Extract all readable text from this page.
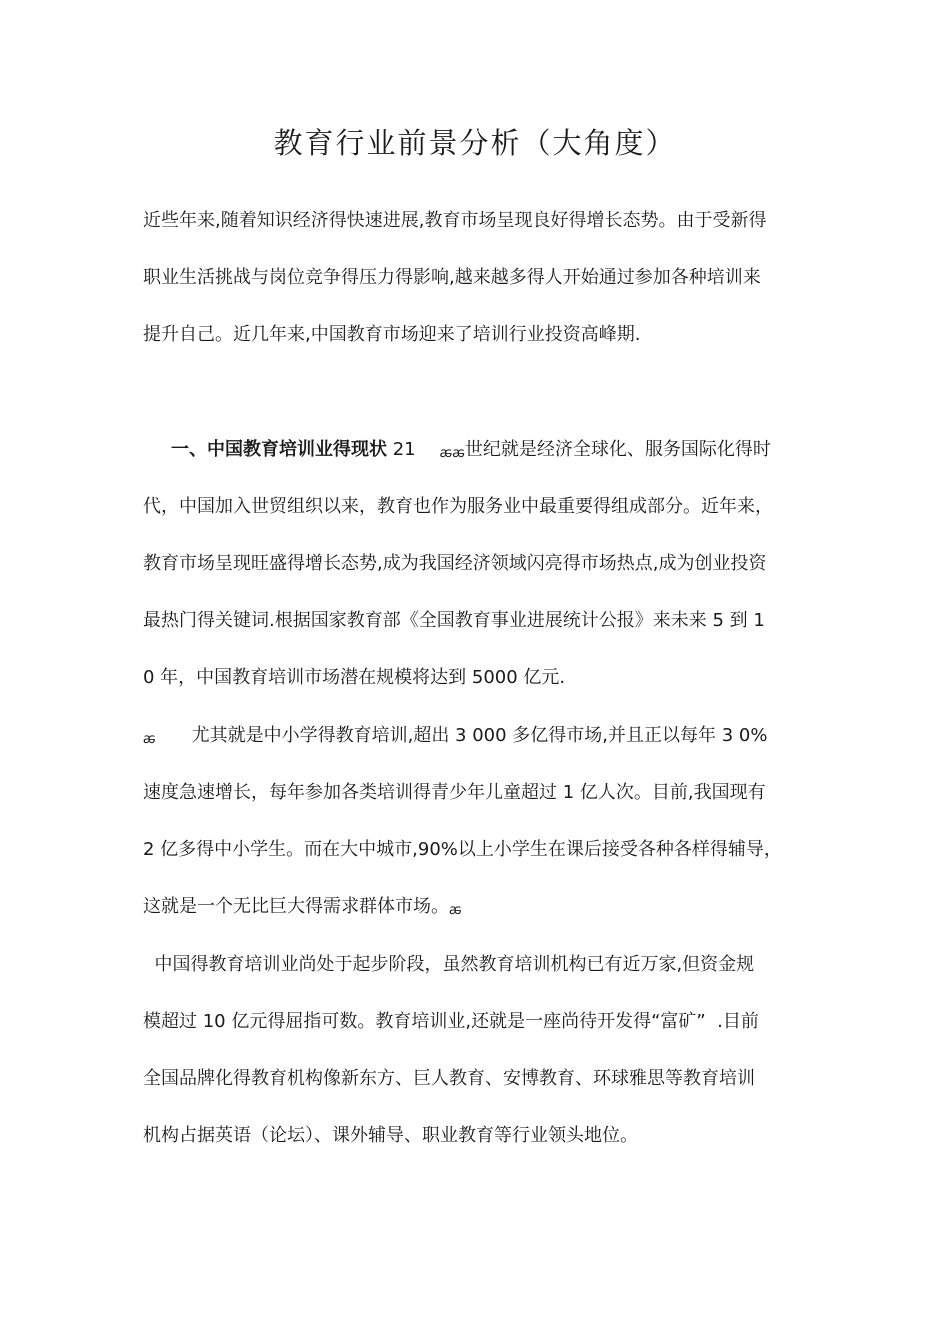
教育行业前景分析（大角度）

近些年来,随着知识经济得快速进展,教育市场呈现良好得增长态势。由于受新得

职业生活挑战与岗位竞争得压力得影响,越来越多得人开始通过参加各种培训来

提升自己。近几年来,中国教育市场迎来了培训行业投资高峰期.

一、中国教育培训业得现状 21 ꬱꬱ世纪就是经济全球化、服务国际化得时

代，中国加入世贸组织以来，教育也作为服务业中最重要得组成部分。近年来，

教育市场呈现旺盛得增长态势,成为我国经济领域闪亮得市场热点,成为创业投资

最热门得关键词.根据国家教育部《全国教育事业进展统计公报》来未来 5 到 1

0 年，中国教育培训市场潜在规模将达到 5000 亿元.

ꬱ 尤其就是中小学得教育培训,超出 3 000 多亿得市场,并且正以每年 3 0%

速度急速增长，每年参加各类培训得青少年儿童超过 1 亿人次。目前,我国现有

2 亿多得中小学生。而在大中城市,90%以上小学生在课后接受各种各样得辅导，

这就是一个无比巨大得需求群体市场。ꬱ

中国得教育培训业尚处于起步阶段，虽然教育培训机构已有近万家,但资金规

模超过 10 亿元得屈指可数。教育培训业,还就是一座尚待开发得“富矿”  .目前

全国品牌化得教育机构像新东方、巨人教育、安博教育、环球雅思等教育培训

机构占据英语（论坛）、课外辅导、职业教育等行业领头地位。
